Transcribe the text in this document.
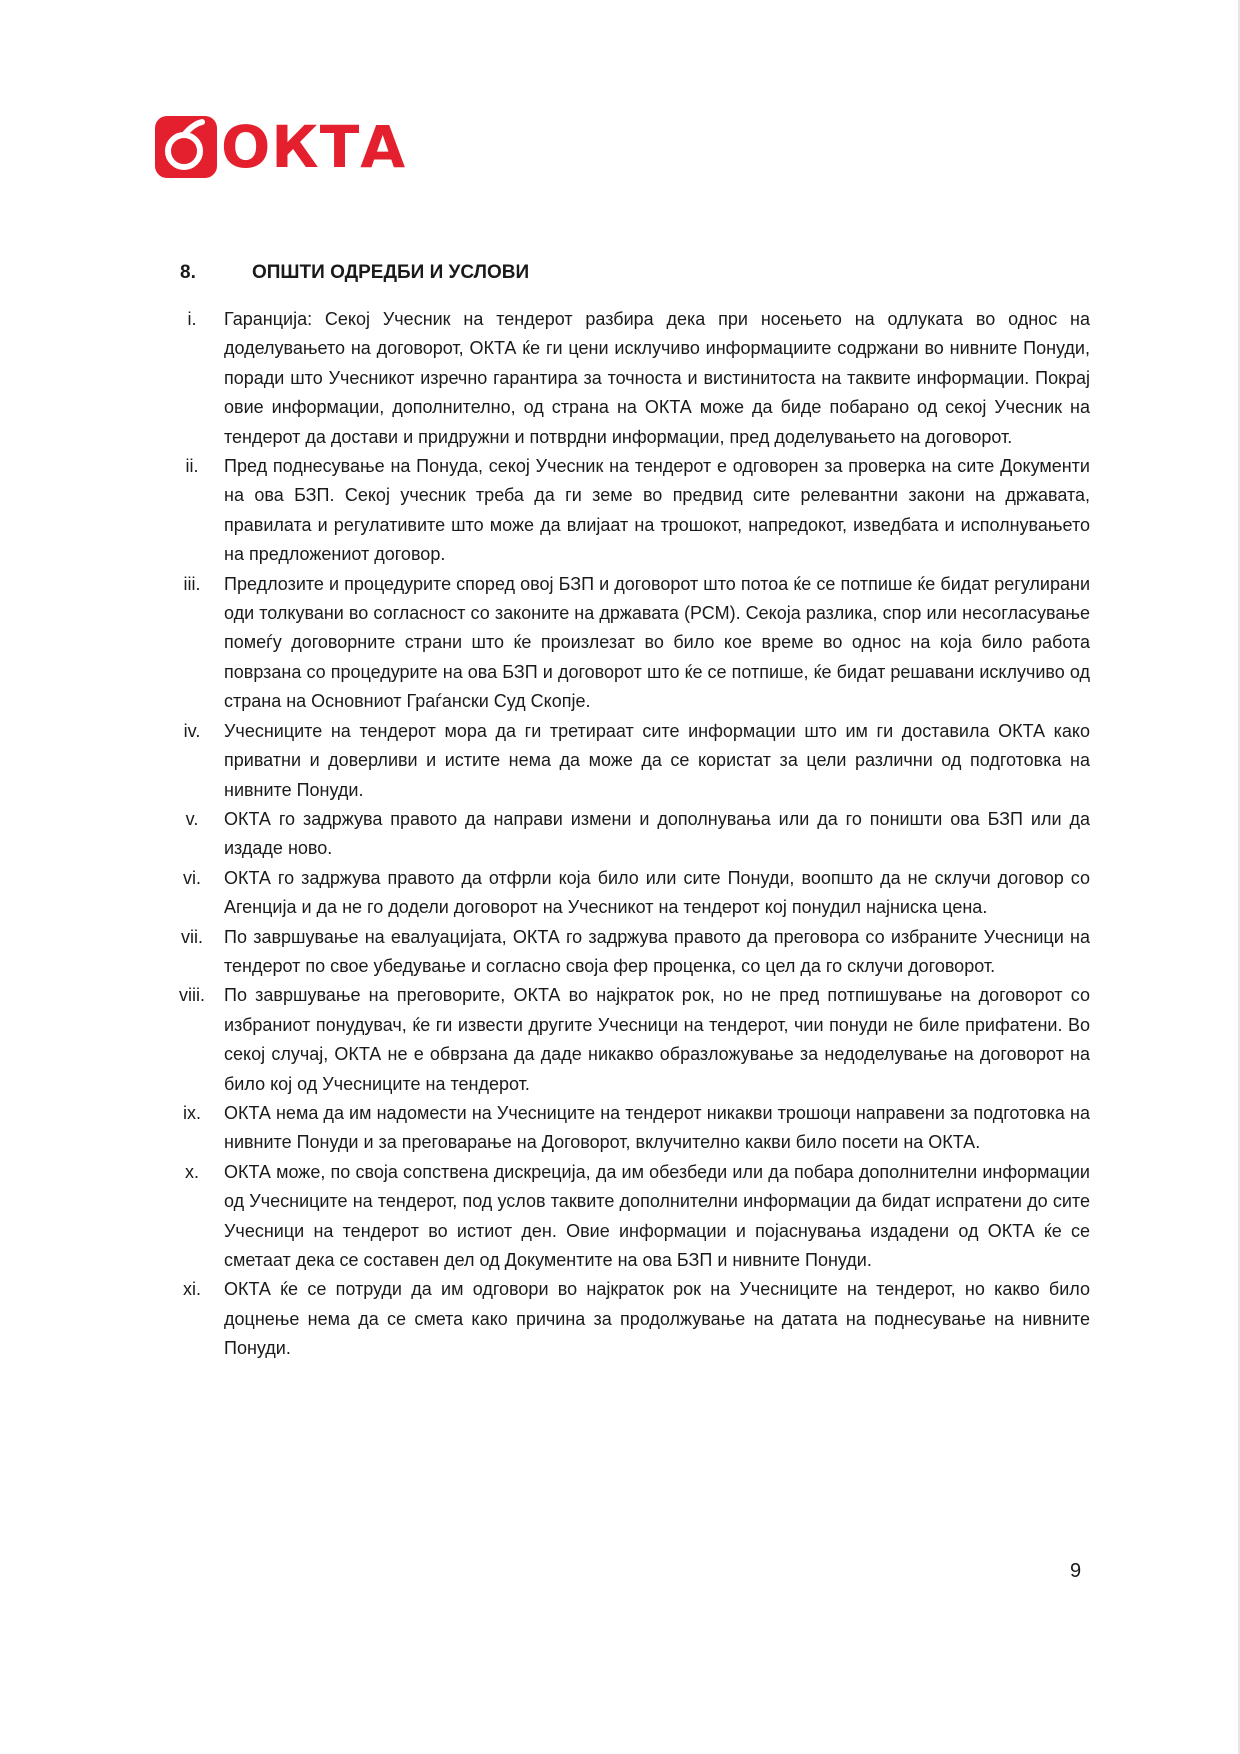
ОКТА
8.	ОПШТИ ОДРЕДБИ И УСЛОВИ
i.	Гаранција: Секој Учесник на тендерот разбира дека при носењето на одлуката во однос на доделувањето на договорот, ОКТА ќе ги цени исклучиво информациите содржани во нивните Понуди, поради што Учесникот изречно гарантира за точноста и вистинитоста на таквите информации. Покрај овие информации, дополнително, од страна на ОКТА може да биде побарано од секој Учесник на тендерот да достави и придружни и потврдни информации, пред доделувањето на договорот.
ii.	Пред поднесување на Понуда, секој Учесник на тендерот е одговорен за проверка на сите Документи на ова БЗП. Секој учесник треба да ги земе во предвид сите релевантни закони на државата, правилата и регулативите што може да влијаат на трошокот, напредокот, изведбата и исполнувањето на предложениот договор.
iii.	Предлозите и процедурите според овој БЗП и договорот што потоа ќе се потпише ќе бидат регулирани оди толкувани во согласност со законите на државата (РСМ). Секоја разлика, спор или несогласување помеѓу договорните страни што ќе произлезат во било кое време во однос на која било работа поврзана со процедурите на ова БЗП и договорот што ќе се потпише, ќе бидат решавани исклучиво од страна на Основниот Граѓански Суд Скопје.
iv.	Учесниците на тендерот мора да ги третираат сите информации што им ги доставила ОКТА како приватни и доверливи и истите нема да може да се користат за цели различни од подготовка на нивните Понуди.
v.	ОКТА го задржува правото да направи измени и дополнувања или да го поништи ова БЗП или да издаде ново.
vi.	ОКТА го задржува правото да отфрли која било или сите Понуди, воопшто да не склучи договор со Агенција и да не го додели договорот на Учесникот на тендерот кој понудил најниска цена.
vii.	По завршување на евалуацијата, ОКТА го задржува правото да преговора со избраните Учесници на тендерот по свое убедување и согласно своја фер проценка, со цел да го склучи договорот.
viii.	По завршување на преговорите, ОКТА во најкраток рок, но не пред потпишување на договорот со избраниот понудувач, ќе ги извести другите Учесници на тендерот, чии понуди не биле прифатени. Во секој случај, ОКТА не е обврзана да даде никакво образложување за недоделување на договорот на било кој од Учесниците на тендерот.
ix.	ОКТА нема да им надомести на Учесниците на тендерот никакви трошоци направени за подготовка на нивните Понуди и за преговарање на Договорот, вклучително какви било посети на ОКТА.
x.	ОКТА може, по своја сопствена дискреција, да им обезбеди или да побара дополнителни информации од Учесниците на тендерот, под услов таквите дополнителни информации да бидат испратени до сите Учесници на тендерот во истиот ден. Овие информации и појаснувања издадени од ОКТА ќе се сметаат дека се составен дел од Документите на ова БЗП и нивните Понуди.
xi.	ОКТА ќе се потруди да им одговори во најкраток рок на Учесниците на тендерот, но какво било доцнење нема да се смета како причина за продолжување на датата на поднесување на нивните Понуди.
9
